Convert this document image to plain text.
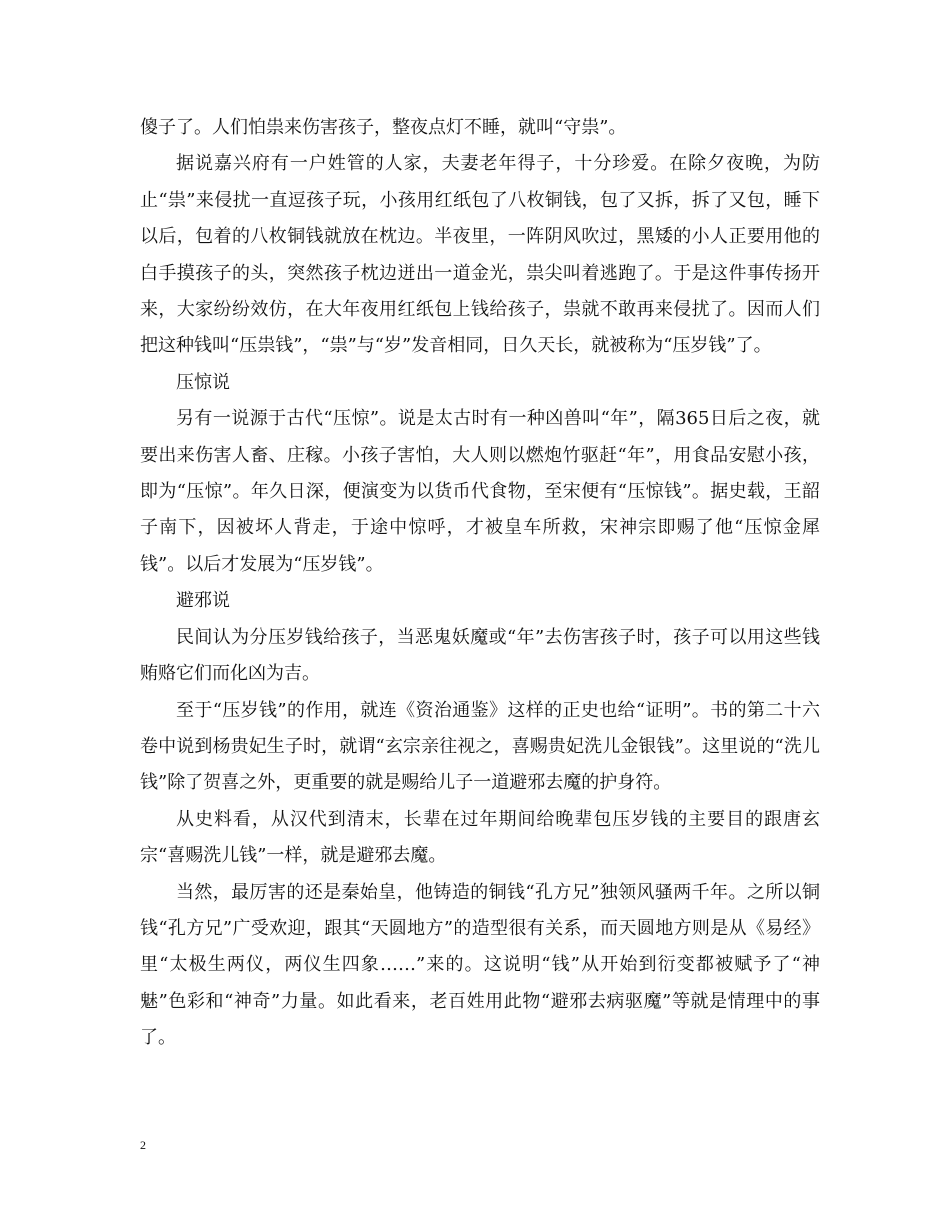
傻子了。人们怕祟来伤害孩子，整夜点灯不睡，就叫“守祟”。

据说嘉兴府有一户姓管的人家，夫妻老年得子，十分珍爱。在除夕夜晚，为防止“祟”来侵扰一直逗孩子玩，小孩用红纸包了八枚铜钱，包了又拆，拆了又包，睡下以后，包着的八枚铜钱就放在枕边。半夜里，一阵阴风吹过，黑矮的小人正要用他的白手摸孩子的头，突然孩子枕边迸出一道金光，祟尖叫着逃跑了。于是这件事传扬开来，大家纷纷效仿，在大年夜用红纸包上钱给孩子，祟就不敢再来侵扰了。因而人们把这种钱叫“压祟钱”，“祟”与“岁”发音相同，日久天长，就被称为“压岁钱”了。

压惊说

另有一说源于古代“压惊”。说是太古时有一种凶兽叫“年”，隔365日后之夜，就要出来伤害人畜、庄稼。小孩子害怕，大人则以燃炮竹驱赶“年”，用食品安慰小孩，即为“压惊”。年久日深，便演变为以货币代食物，至宋便有“压惊钱”。据史载，王韶子南下，因被坏人背走，于途中惊呼，才被皇车所救，宋神宗即赐了他“压惊金犀钱”。以后才发展为“压岁钱”。

避邪说

民间认为分压岁钱给孩子，当恶鬼妖魔或“年”去伤害孩子时，孩子可以用这些钱贿赂它们而化凶为吉。

至于“压岁钱”的作用，就连《资治通鉴》这样的正史也给“证明”。书的第二十六卷中说到杨贵妃生子时，就谓“玄宗亲往视之，喜赐贵妃洗儿金银钱”。这里说的“洗儿钱”除了贺喜之外，更重要的就是赐给儿子一道避邪去魔的护身符。

从史料看，从汉代到清末，长辈在过年期间给晚辈包压岁钱的主要目的跟唐玄宗“喜赐洗儿钱”一样，就是避邪去魔。

当然，最厉害的还是秦始皇，他铸造的铜钱“孔方兄”独领风骚两千年。之所以铜钱“孔方兄”广受欢迎，跟其“天圆地方”的造型很有关系，而天圆地方则是从《易经》里“太极生两仪，两仪生四象……”来的。这说明“钱”从开始到衍变都被赋予了“神魅”色彩和“神奇”力量。如此看来，老百姓用此物“避邪去病驱魔”等就是情理中的事了。

2
